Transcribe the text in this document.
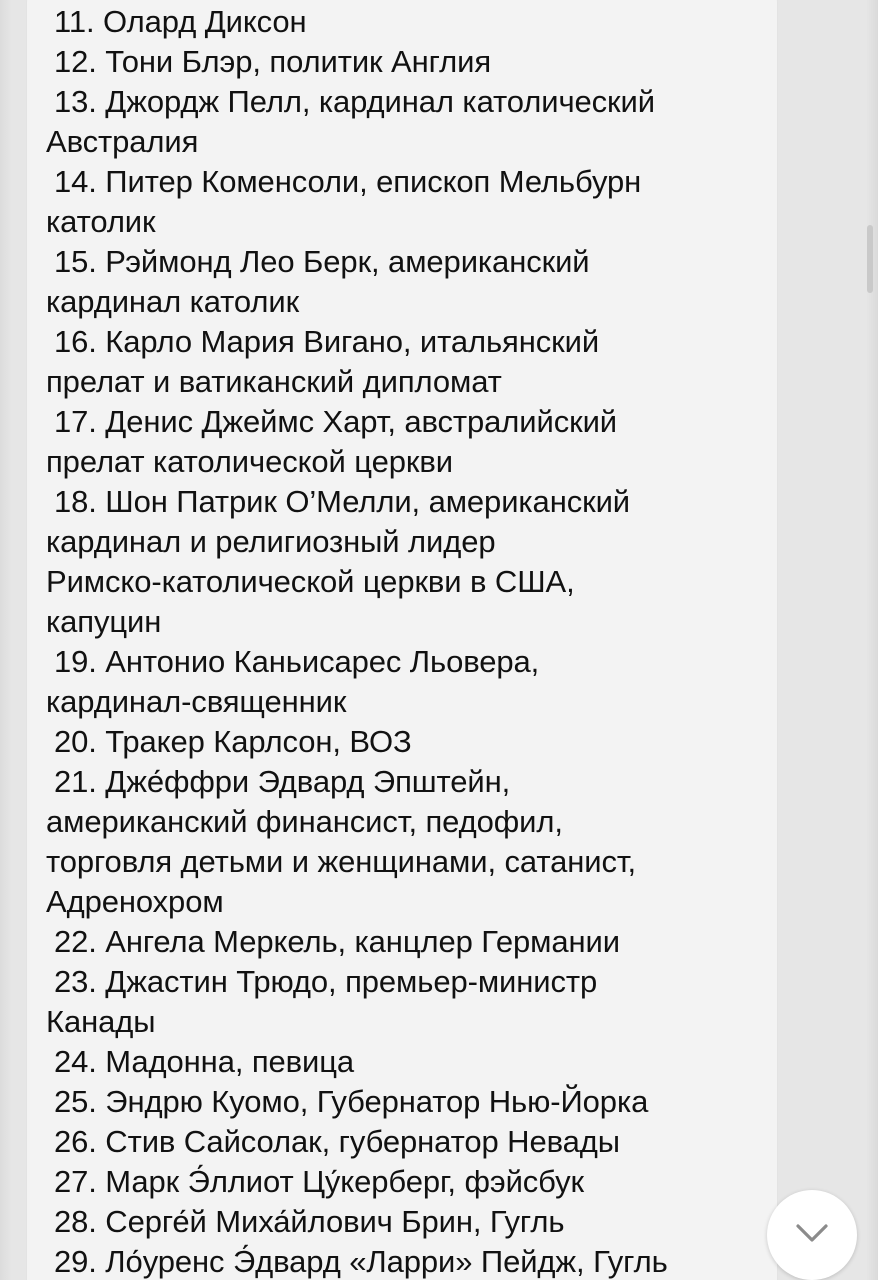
11. Олард Диксон
12. Тони Блэр, политик Англия
13. Джордж Пелл, кардинал католический
Австралия
14. Питер Коменсоли, епископ Мельбурн
католик
15. Рэймонд Лео Берк, американский
кардинал католик
16. Карло Мария Вигано, итальянский
прелат и ватиканский дипломат
17. Денис Джеймс Харт, австралийский
прелат католической церкви
18. Шон Патрик О’Мелли, американский
кардинал и религиозный лидер
Римско-католической церкви в США,
капуцин
19. Антонио Каньисарес Льовера,
кардинал-священник
20. Тракер Карлсон, ВОЗ
21. Дже́ффри Эдвард Эпштейн,
американский финансист, педофил,
торговля детьми и женщинами, сатанист,
Адренохром
22. Ангела Меркель, канцлер Германии
23. Джастин Трюдо, премьер-министр
Канады
24. Мадонна, певица
25. Эндрю Куомо, Губернатор Нью-Йорка
26. Стив Сайсолак, губернатор Невады
27. Марк Э́ллиот Цу́керберг, фэйсбук
28. Серге́й Миха́йлович Брин, Гугль
29. Ло́уренс Э́двард «Ларри» Пейдж, Гугль
